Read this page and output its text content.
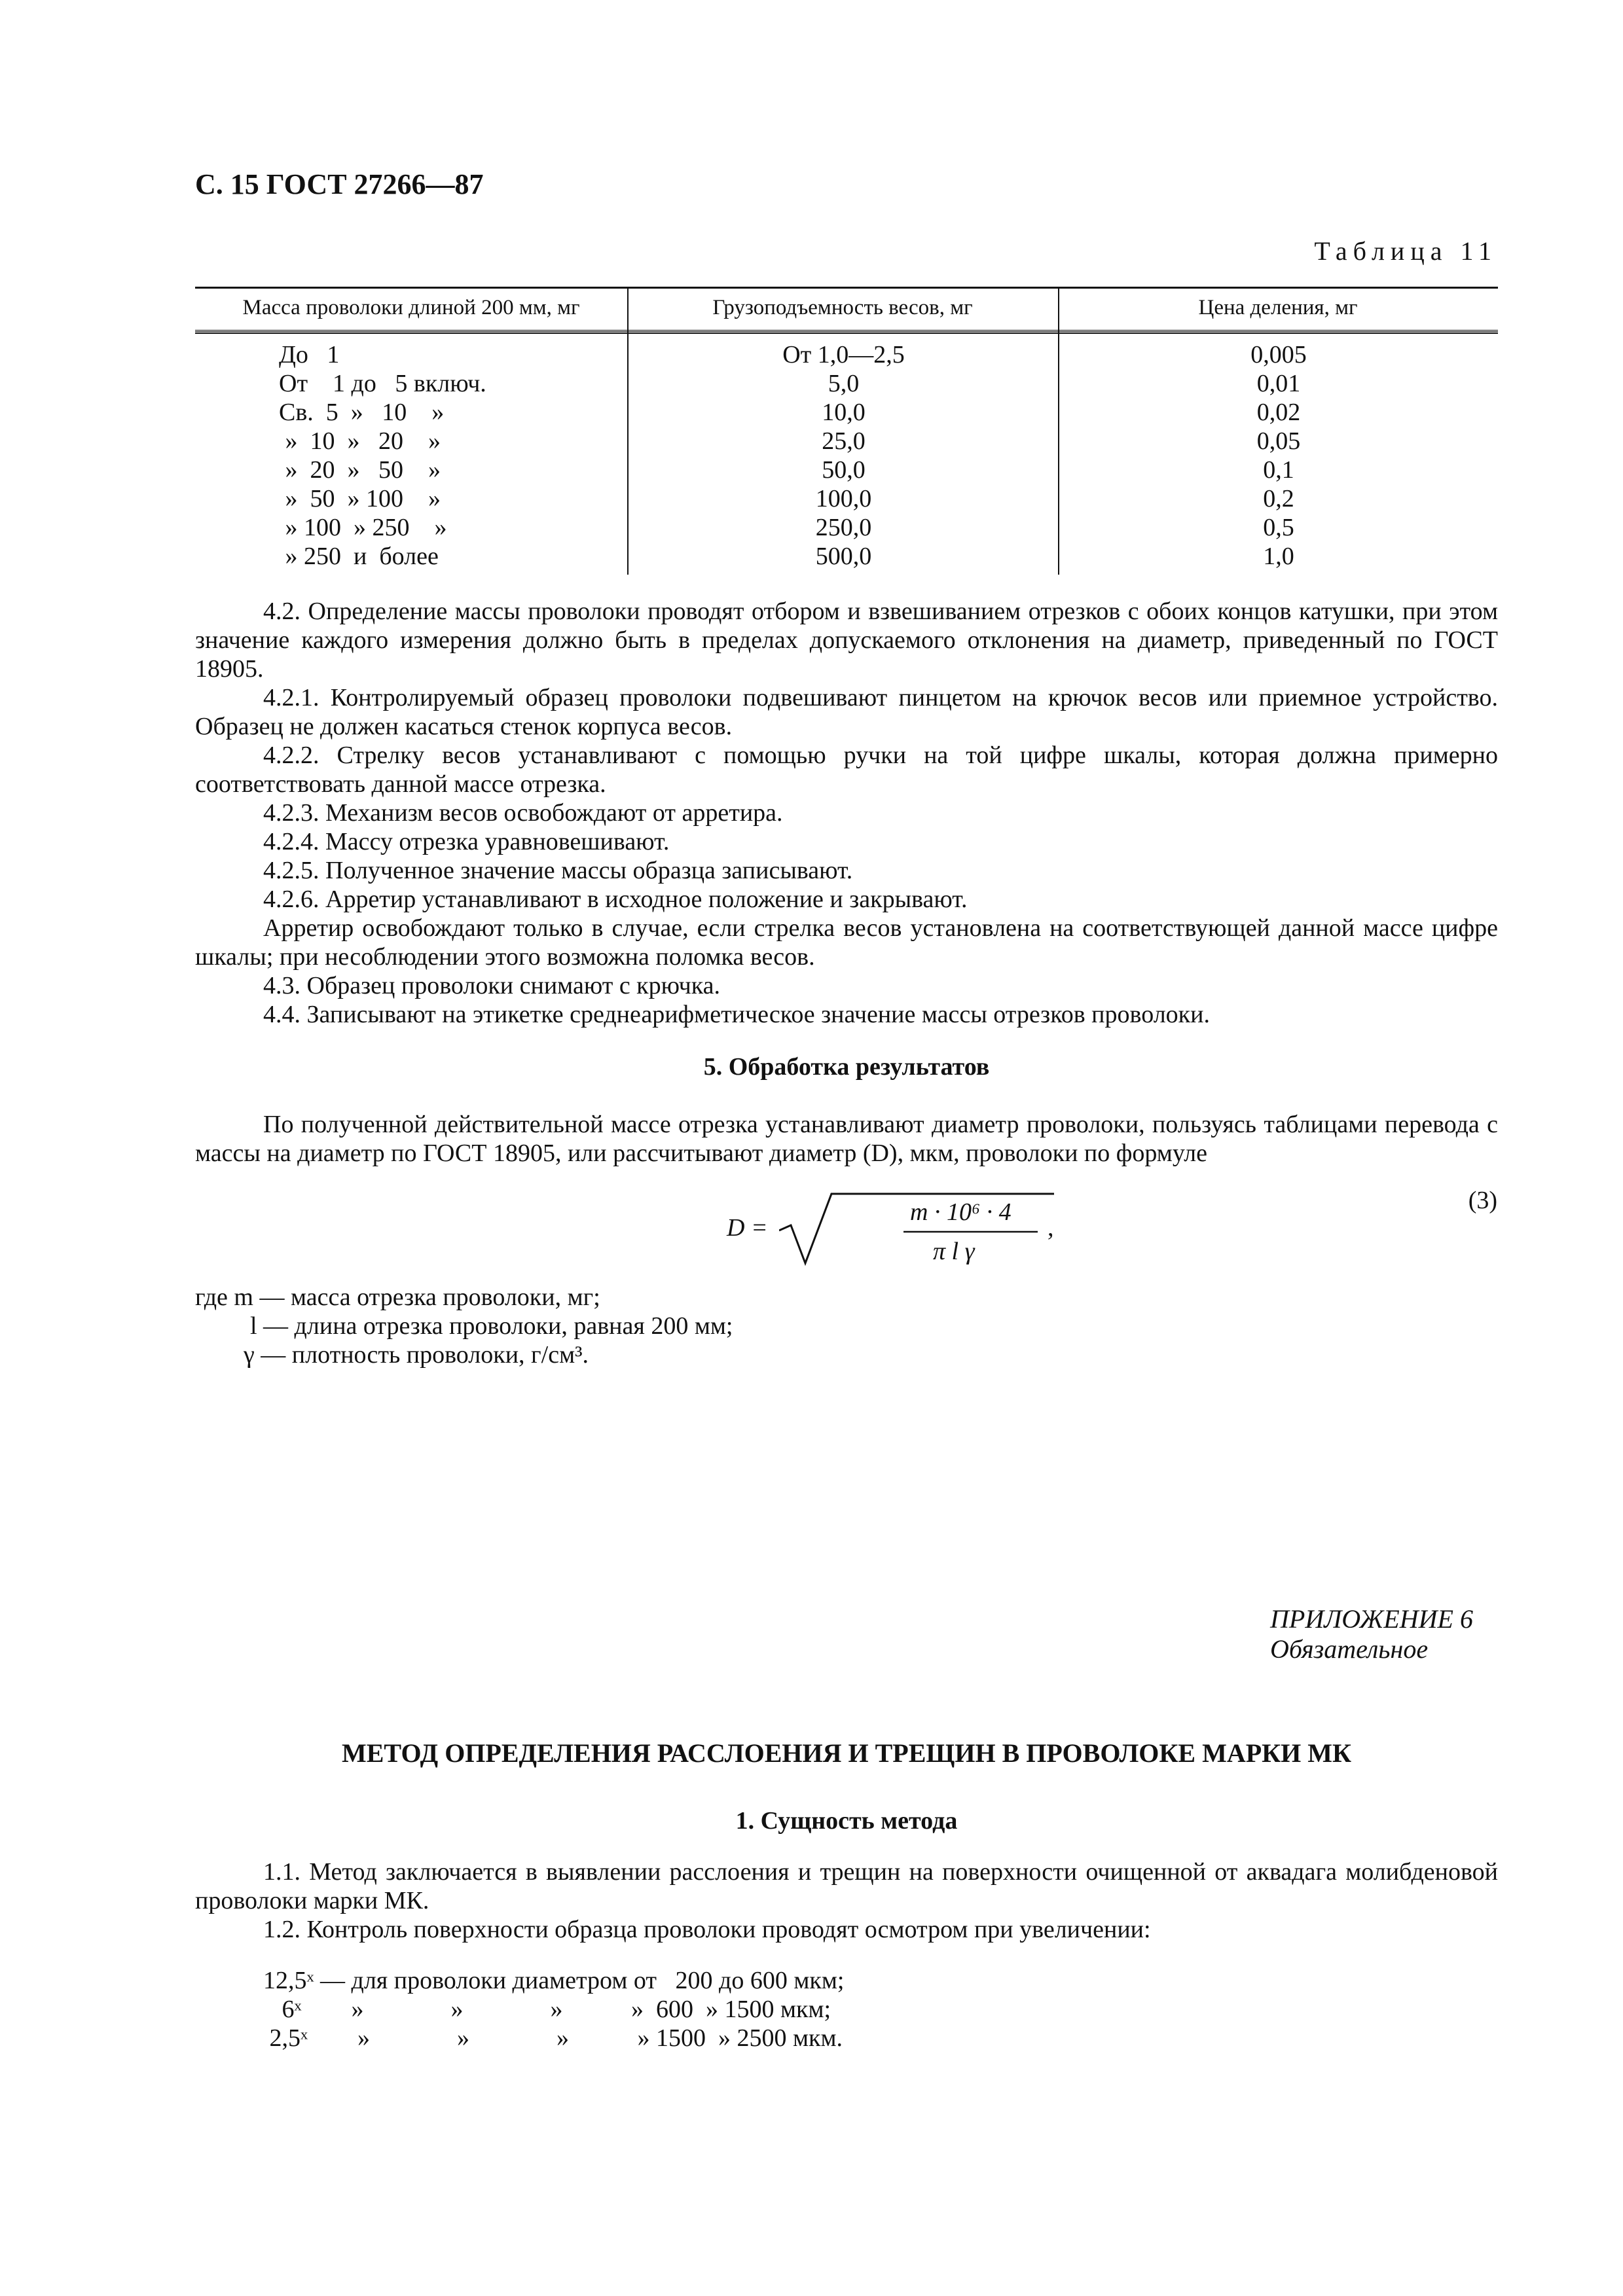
С. 15 ГОСТ 27266—87
Таблица 11
Масса проволоки длиной 200 мм, мг	Грузоподъемность весов, мг	Цена деления, мг
До   1	От 1,0—2,5	0,005
От    1 до   5 включ.	5,0	0,01
Св.  5  »   10    »	10,0	0,02
»  10  »   20    »	25,0	0,05
»  20  »   50    »	50,0	0,1
»  50  » 100    »	100,0	0,2
» 100  » 250    »	250,0	0,5
» 250  и  более	500,0	1,0
4.2. Определение массы проволоки проводят отбором и взвешиванием отрезков с обоих концов катушки, при этом значение каждого измерения должно быть в пределах допускаемого отклонения на диаметр, приведенный по ГОСТ 18905.
4.2.1. Контролируемый образец проволоки подвешивают пинцетом на крючок весов или приемное устройство. Образец не должен касаться стенок корпуса весов.
4.2.2. Стрелку весов устанавливают с помощью ручки на той цифре шкалы, которая должна примерно соответствовать данной массе отрезка.
4.2.3. Механизм весов освобождают от арретира.
4.2.4. Массу отрезка уравновешивают.
4.2.5. Полученное значение массы образца записывают.
4.2.6. Арретир устанавливают в исходное положение и закрывают.
Арретир освобождают только в случае, если стрелка весов установлена на соответствующей данной массе цифре шкалы; при несоблюдении этого возможна поломка весов.
4.3. Образец проволоки снимают с крючка.
4.4. Записывают на этикетке среднеарифметическое значение массы отрезков проволоки.
5. Обработка результатов
По полученной действительной массе отрезка устанавливают диаметр проволоки, пользуясь таблицами перевода с массы на диаметр по ГОСТ 18905, или рассчитывают диаметр (D), мкм, проволоки по формуле
D =
m · 10⁶ · 4
π l γ
,
(3)
где m — масса отрезка проволоки, мг;
l — длина отрезка проволоки, равная 200 мм;
γ — плотность проволоки, г/см³.
ПРИЛОЖЕНИЕ 6
Обязательное
МЕТОД ОПРЕДЕЛЕНИЯ РАССЛОЕНИЯ И ТРЕЩИН В ПРОВОЛОКЕ МАРКИ МК
1. Сущность метода
1.1. Метод заключается в выявлении расслоения и трещин на поверхности очищенной от аквадага молибденовой проволоки марки МК.
1.2. Контроль поверхности образца проволоки проводят осмотром при увеличении:
12,5ˣ — для проволоки диаметром от   200 до 600 мкм;
6ˣ        »              »              »           »  600  » 1500 мкм;
2,5ˣ        »              »              »           » 1500  » 2500 мкм.
